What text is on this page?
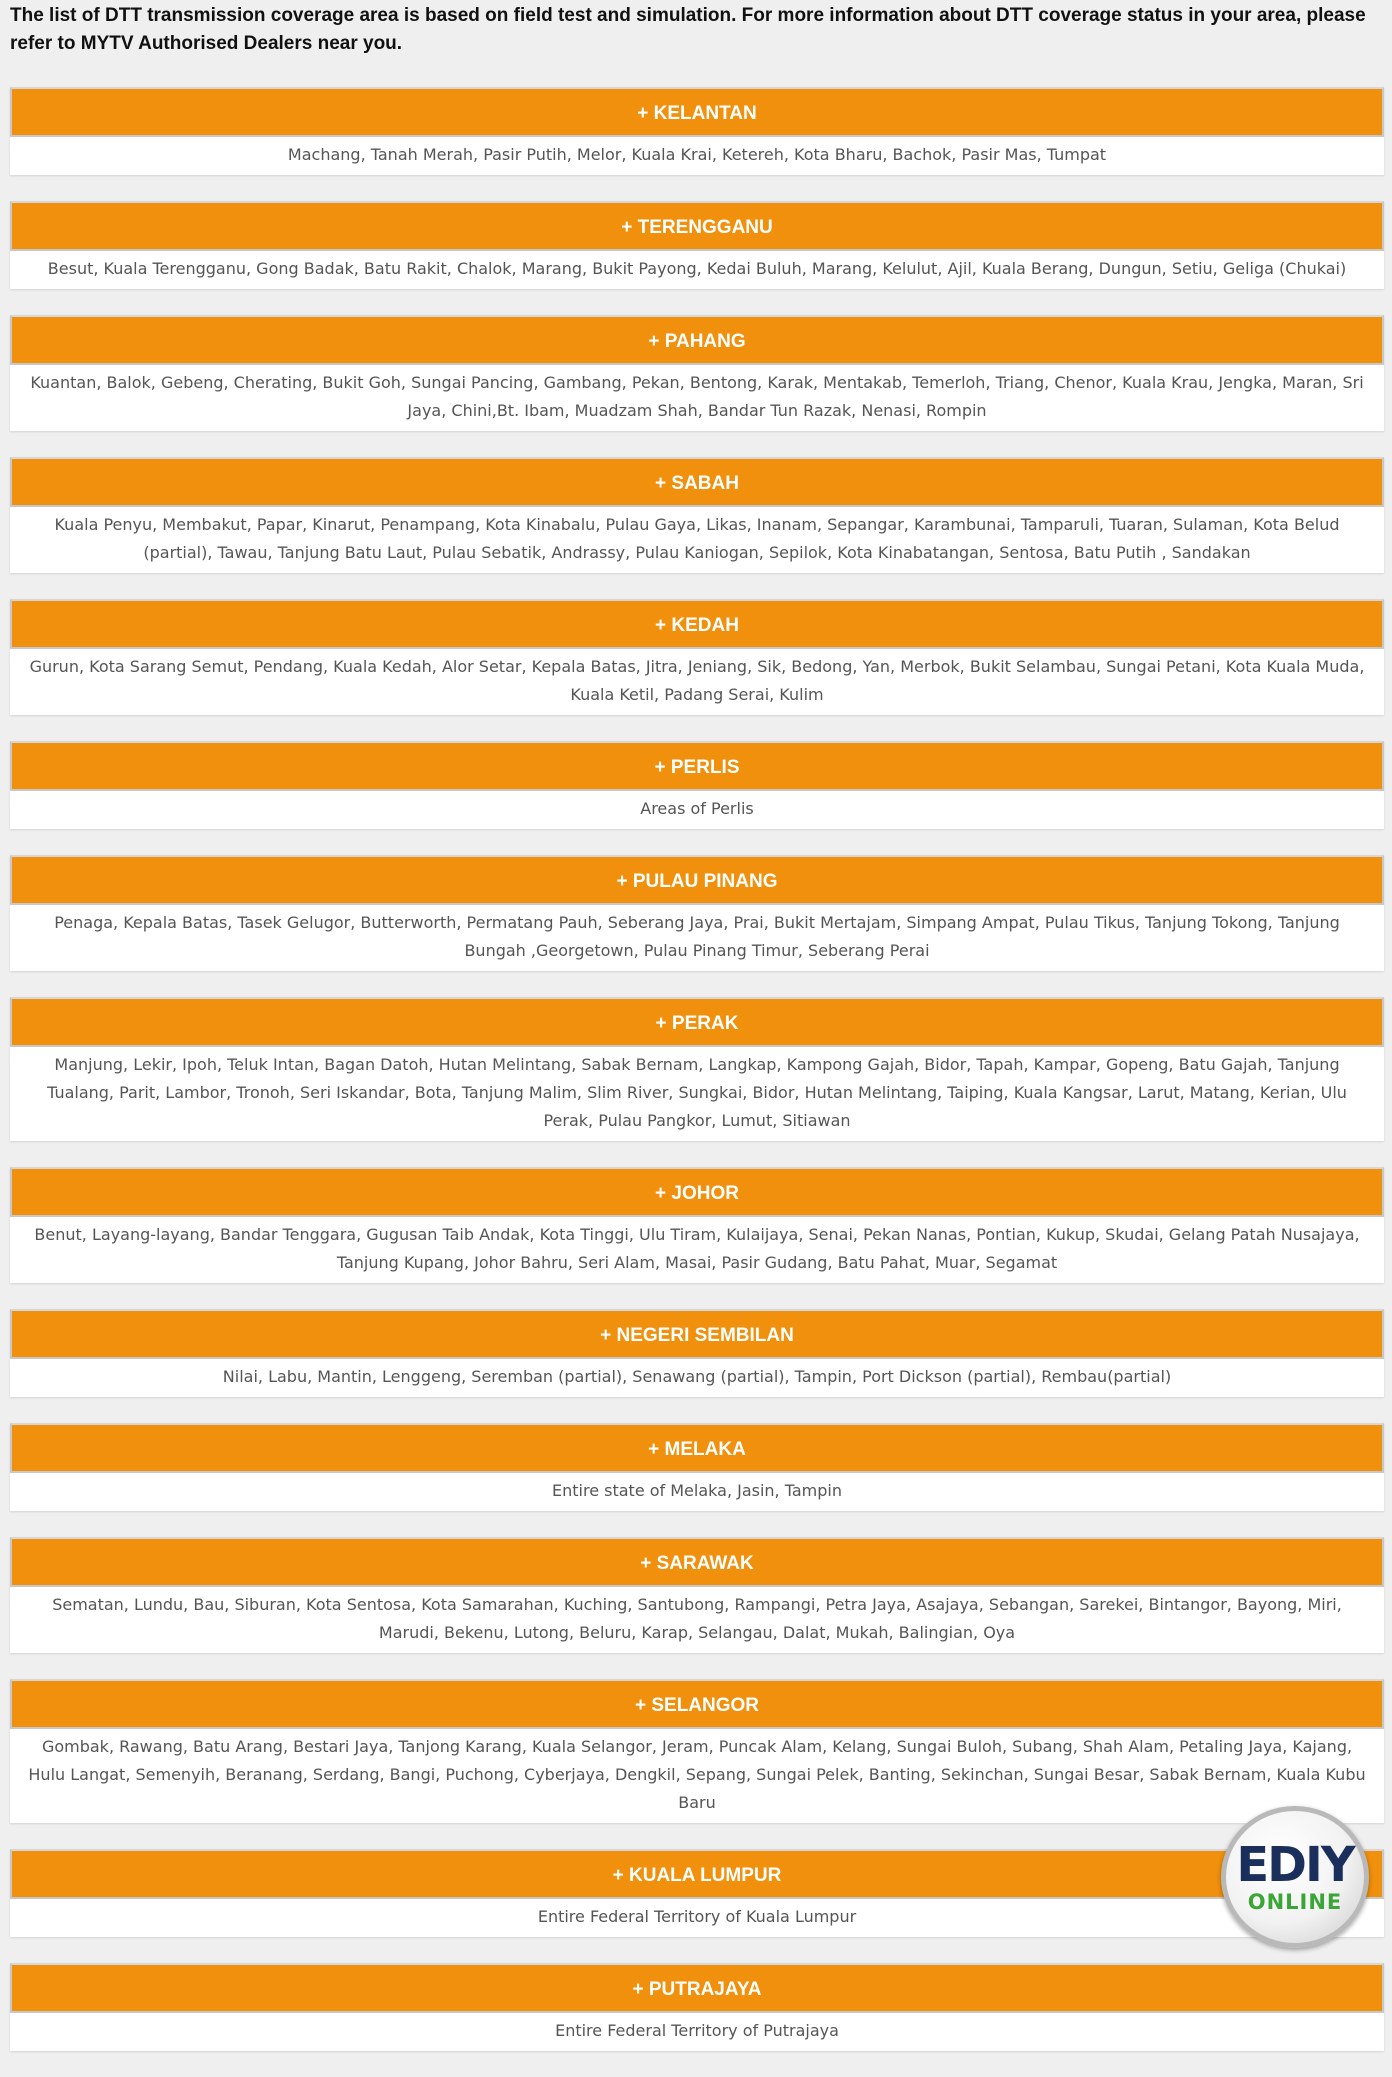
The list of DTT transmission coverage area is based on field test and simulation. For more information about DTT coverage status in your area, please refer to MYTV Authorised Dealers near you.
+ KELANTAN
Machang, Tanah Merah, Pasir Putih, Melor, Kuala Krai, Ketereh, Kota Bharu, Bachok, Pasir Mas, Tumpat
+ TERENGGANU
Besut, Kuala Terengganu, Gong Badak, Batu Rakit, Chalok, Marang, Bukit Payong, Kedai Buluh, Marang, Kelulut, Ajil, Kuala Berang, Dungun, Setiu, Geliga (Chukai)
+ PAHANG
Kuantan, Balok, Gebeng, Cherating, Bukit Goh, Sungai Pancing, Gambang, Pekan, Bentong, Karak, Mentakab, Temerloh, Triang, Chenor, Kuala Krau, Jengka, Maran, Sri Jaya, Chini,Bt. Ibam, Muadzam Shah, Bandar Tun Razak, Nenasi, Rompin
+ SABAH
Kuala Penyu, Membakut, Papar, Kinarut, Penampang, Kota Kinabalu, Pulau Gaya, Likas, Inanam, Sepangar, Karambunai, Tamparuli, Tuaran, Sulaman, Kota Belud (partial), Tawau, Tanjung Batu Laut, Pulau Sebatik, Andrassy, Pulau Kaniogan, Sepilok, Kota Kinabatangan, Sentosa, Batu Putih , Sandakan
+ KEDAH
Gurun, Kota Sarang Semut, Pendang, Kuala Kedah, Alor Setar, Kepala Batas, Jitra, Jeniang, Sik, Bedong, Yan, Merbok, Bukit Selambau, Sungai Petani, Kota Kuala Muda, Kuala Ketil, Padang Serai, Kulim
+ PERLIS
Areas of Perlis
+ PULAU PINANG
Penaga, Kepala Batas, Tasek Gelugor, Butterworth, Permatang Pauh, Seberang Jaya, Prai, Bukit Mertajam, Simpang Ampat, Pulau Tikus, Tanjung Tokong, Tanjung Bungah ,Georgetown, Pulau Pinang Timur, Seberang Perai
+ PERAK
Manjung, Lekir, Ipoh, Teluk Intan, Bagan Datoh, Hutan Melintang, Sabak Bernam, Langkap, Kampong Gajah, Bidor, Tapah, Kampar, Gopeng, Batu Gajah, Tanjung Tualang, Parit, Lambor, Tronoh, Seri Iskandar, Bota, Tanjung Malim, Slim River, Sungkai, Bidor, Hutan Melintang, Taiping, Kuala Kangsar, Larut, Matang, Kerian, Ulu Perak, Pulau Pangkor, Lumut, Sitiawan
+ JOHOR
Benut, Layang-layang, Bandar Tenggara, Gugusan Taib Andak, Kota Tinggi, Ulu Tiram, Kulaijaya, Senai, Pekan Nanas, Pontian, Kukup, Skudai, Gelang Patah Nusajaya, Tanjung Kupang, Johor Bahru, Seri Alam, Masai, Pasir Gudang, Batu Pahat, Muar, Segamat
+ NEGERI SEMBILAN
Nilai, Labu, Mantin, Lenggeng, Seremban (partial), Senawang (partial), Tampin, Port Dickson (partial), Rembau(partial)
+ MELAKA
Entire state of Melaka, Jasin, Tampin
+ SARAWAK
Sematan, Lundu, Bau, Siburan, Kota Sentosa, Kota Samarahan, Kuching, Santubong, Rampangi, Petra Jaya, Asajaya, Sebangan, Sarekei, Bintangor, Bayong, Miri, Marudi, Bekenu, Lutong, Beluru, Karap, Selangau, Dalat, Mukah, Balingian, Oya
+ SELANGOR
Gombak, Rawang, Batu Arang, Bestari Jaya, Tanjong Karang, Kuala Selangor, Jeram, Puncak Alam, Kelang, Sungai Buloh, Subang, Shah Alam, Petaling Jaya, Kajang, Hulu Langat, Semenyih, Beranang, Serdang, Bangi, Puchong, Cyberjaya, Dengkil, Sepang, Sungai Pelek, Banting, Sekinchan, Sungai Besar, Sabak Bernam, Kuala Kubu Baru
+ KUALA LUMPUR
Entire Federal Territory of Kuala Lumpur
+ PUTRAJAYA
Entire Federal Territory of Putrajaya
EDIY
ONLINE
